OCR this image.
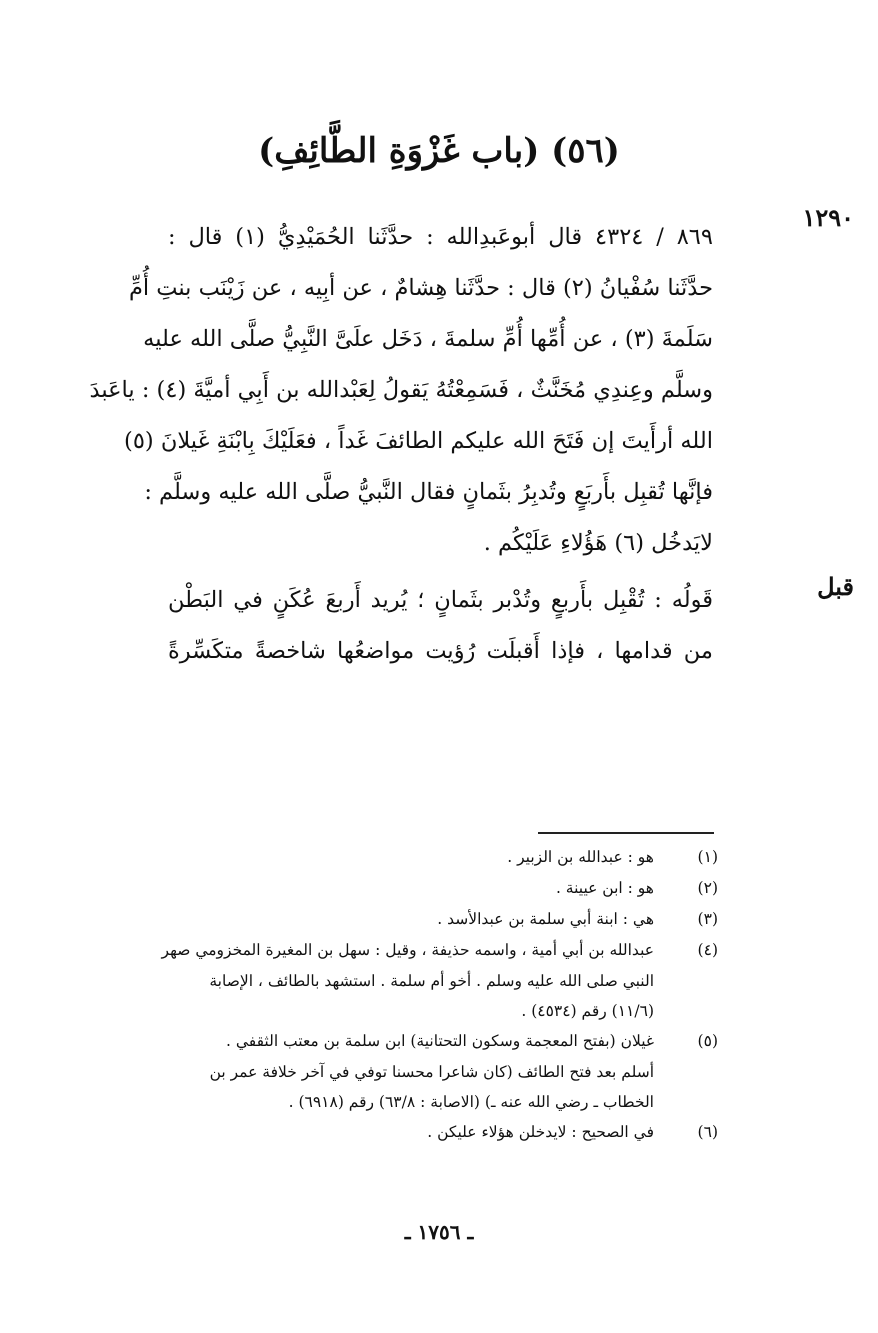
(٥٦) (باب غَزْوَةِ الطَّائِفِ)
١٢٩٠
٨٦٩ / ٤٣٢٤ قال أبوعَبدِالله : حدَّثَنا الحُمَيْدِيُّ (١) قال :
حدَّثَنا سُفْيانُ (٢) قال : حدَّثَنا هِشامٌ ، عن أبِيه ، عن زَيْنَب بنتِ أُمِّ
سَلَمةَ (٣) ، عن أُمِّها أُمِّ سلمةَ ، دَخَل علَىَّ النَّبِيُّ صلَّى الله عليه
وسلَّم وعِندِي مُخَنَّثٌ ، فَسَمِعْتُهُ يَقولُ لِعَبْدالله بن أَبِي أميَّةَ (٤) : ياعَبدَ
الله أرأَيتَ إن فَتَحَ الله عليكم الطائفَ غَداً ، فعَلَيْكَ بِابْنَةِ غَيلانَ (٥)
فإنَّها تُقبِل بأَربَعٍ وتُدبِرُ بثَمانٍ فقال النَّبيُّ صلَّى الله عليه وسلَّم :
لايَدخُل (٦) هَؤُلاءِ عَلَيْكُم .
قبل
قَولُه : تُقْبِل بأَربعٍ وتُدْبر بثَمانٍ ؛ يُريد أَربعَ عُكَنٍ في البَطْن
من قدامها ، فإذا أَقبلَت رُؤيت مواضعُها شاخصةً متكَسِّرةً
(١)
هو : عبدالله بن الزبير .
(٢)
هو : ابن عيينة .
(٣)
هي : ابنة أبي سلمة بن عبدالأسد .
(٤)
عبدالله بن أبي أمية ، واسمه حذيفة ، وقيل : سهل بن المغيرة المخزومي صهر
النبي صلى الله عليه وسلم . أخو أم سلمة . استشهد بالطائف ، الإصابة
(١١/٦) رقم (٤٥٣٤) .
(٥)
غيلان (بفتح المعجمة وسكون التحتانية) ابن سلمة بن معتب الثقفي .
أسلم بعد فتح الطائف (كان شاعرا محسنا توفي في آخر خلافة عمر بن
الخطاب ـ رضي الله عنه ـ) (الاصابة : ٦٣/٨) رقم (٦٩١٨) .
(٦)
في الصحيح : لايدخلن هؤلاء عليكن .
ـ ١٧٥٦ ـ
